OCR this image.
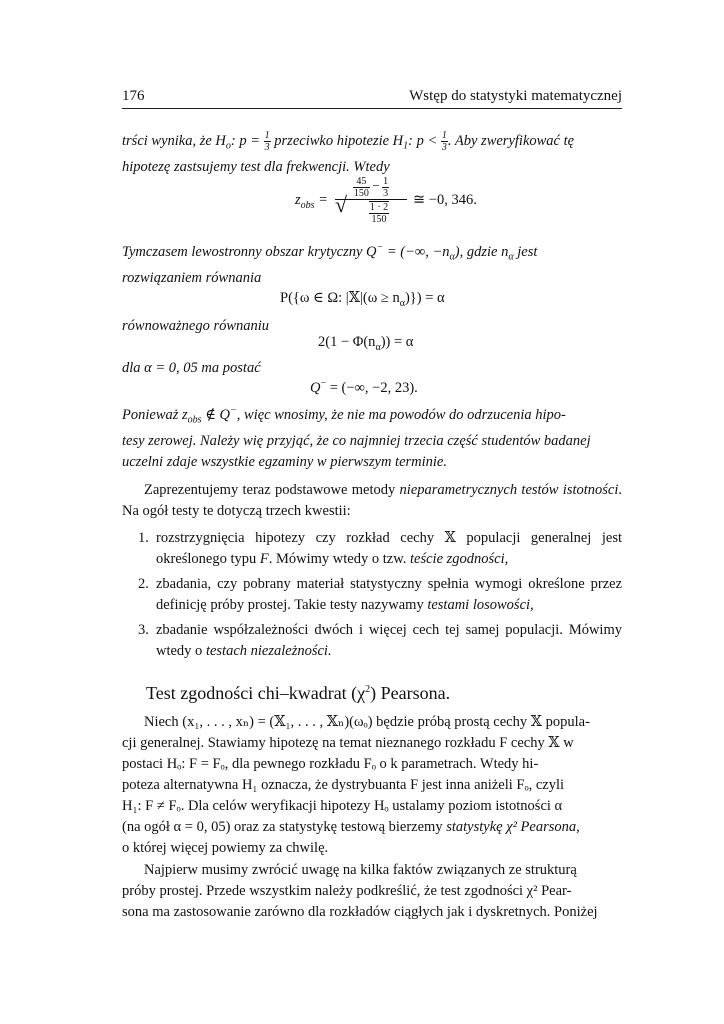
176	Wstęp do statystyki matematycznej
trści wynika, że $H_o$: $p = \frac{1}{3}$ przeciwko hipotezie $H_1$: $p < \frac{1}{3}$ . Aby zweryfikować tę
hipotezę zastsujemy test dla frekwencji. Wtedy
$z_{obs}$ =
$\frac{45}{150} - \frac{1}{3}$
√ $\frac{1 \cdot 2}{150}$
≅ −0, 346.
Tymczasem lewostronny obszar krytyczny Q− = (−∞, $-n_\alpha$), gdzie $n_\alpha$ jest
rozwiązaniem równania
P({ω ∈ Ω: |𝕏|(ω ≥ $n_\alpha)\}) = \alpha$
równoważnego równaniu
$2(1 - \Phi(n_\alpha)) = \alpha$
dla α = 0, 05 ma postać
Q− = (−∞, −2, 23).
Ponieważ $z_{obs}$ ∉ Q−, więc wnosimy, że nie ma powodów do odrzucenia hipo-
tesy zerowej. Należy wię przyjąć, że co najmniej trzecia część studentów badanej
uczelni zdaje wszystkie egzaminy w pierwszym terminie.
Zaprezentujemy teraz podstawowe metody nieparametrycznych testów istotności. Na ogół testy te dotyczą trzech kwestii:
1. rozstrzygnięcia hipotezy czy rozkład cechy 𝕏 populacji generalnej jest określonego typu F. Mówimy wtedy o tzw. teście zgodności,
2. zbadania, czy pobrany materiał statystyczny spełnia wymogi określone przez definicję próby prostej. Takie testy nazywamy testami losowości,
3. zbadanie współzależności dwóch i więcej cech tej samej populacji. Mówimy wtedy o testach niezależności.
Test zgodności chi–kwadrat $(\chi^2)$ Pearsona.
Niech (x₁, . . . , xₙ) = (𝕏₁, . . . , 𝕏ₙ)(ωₒ) będzie próbą prostą cechy 𝕏 popula-
cji generalnej. Stawiamy hipotezę na temat nieznanego rozkładu F cechy 𝕏 w
postaci Hₒ: F = Fₒ, dla pewnego rozkładu Fₒ o k parametrach. Wtedy hi-
poteza alternatywna H₁ oznacza, że dystrybuanta F jest inna aniżeli Fₒ, czyli
H₁: F ≠ Fₒ. Dla celów weryfikacji hipotezy Hₒ ustalamy poziom istotności α
(na ogół α = 0, 05) oraz za statystykę testową bierzemy statystykę χ² Pearsona,
o której więcej powiemy za chwilę.
Najpierw musimy zwrócić uwagę na kilka faktów związanych ze strukturą
próby prostej. Przede wszystkim należy podkreślić, że test zgodności χ² Pear-
sona ma zastosowanie zarówno dla rozkładów ciągłych jak i dyskretnych. Poniżej
